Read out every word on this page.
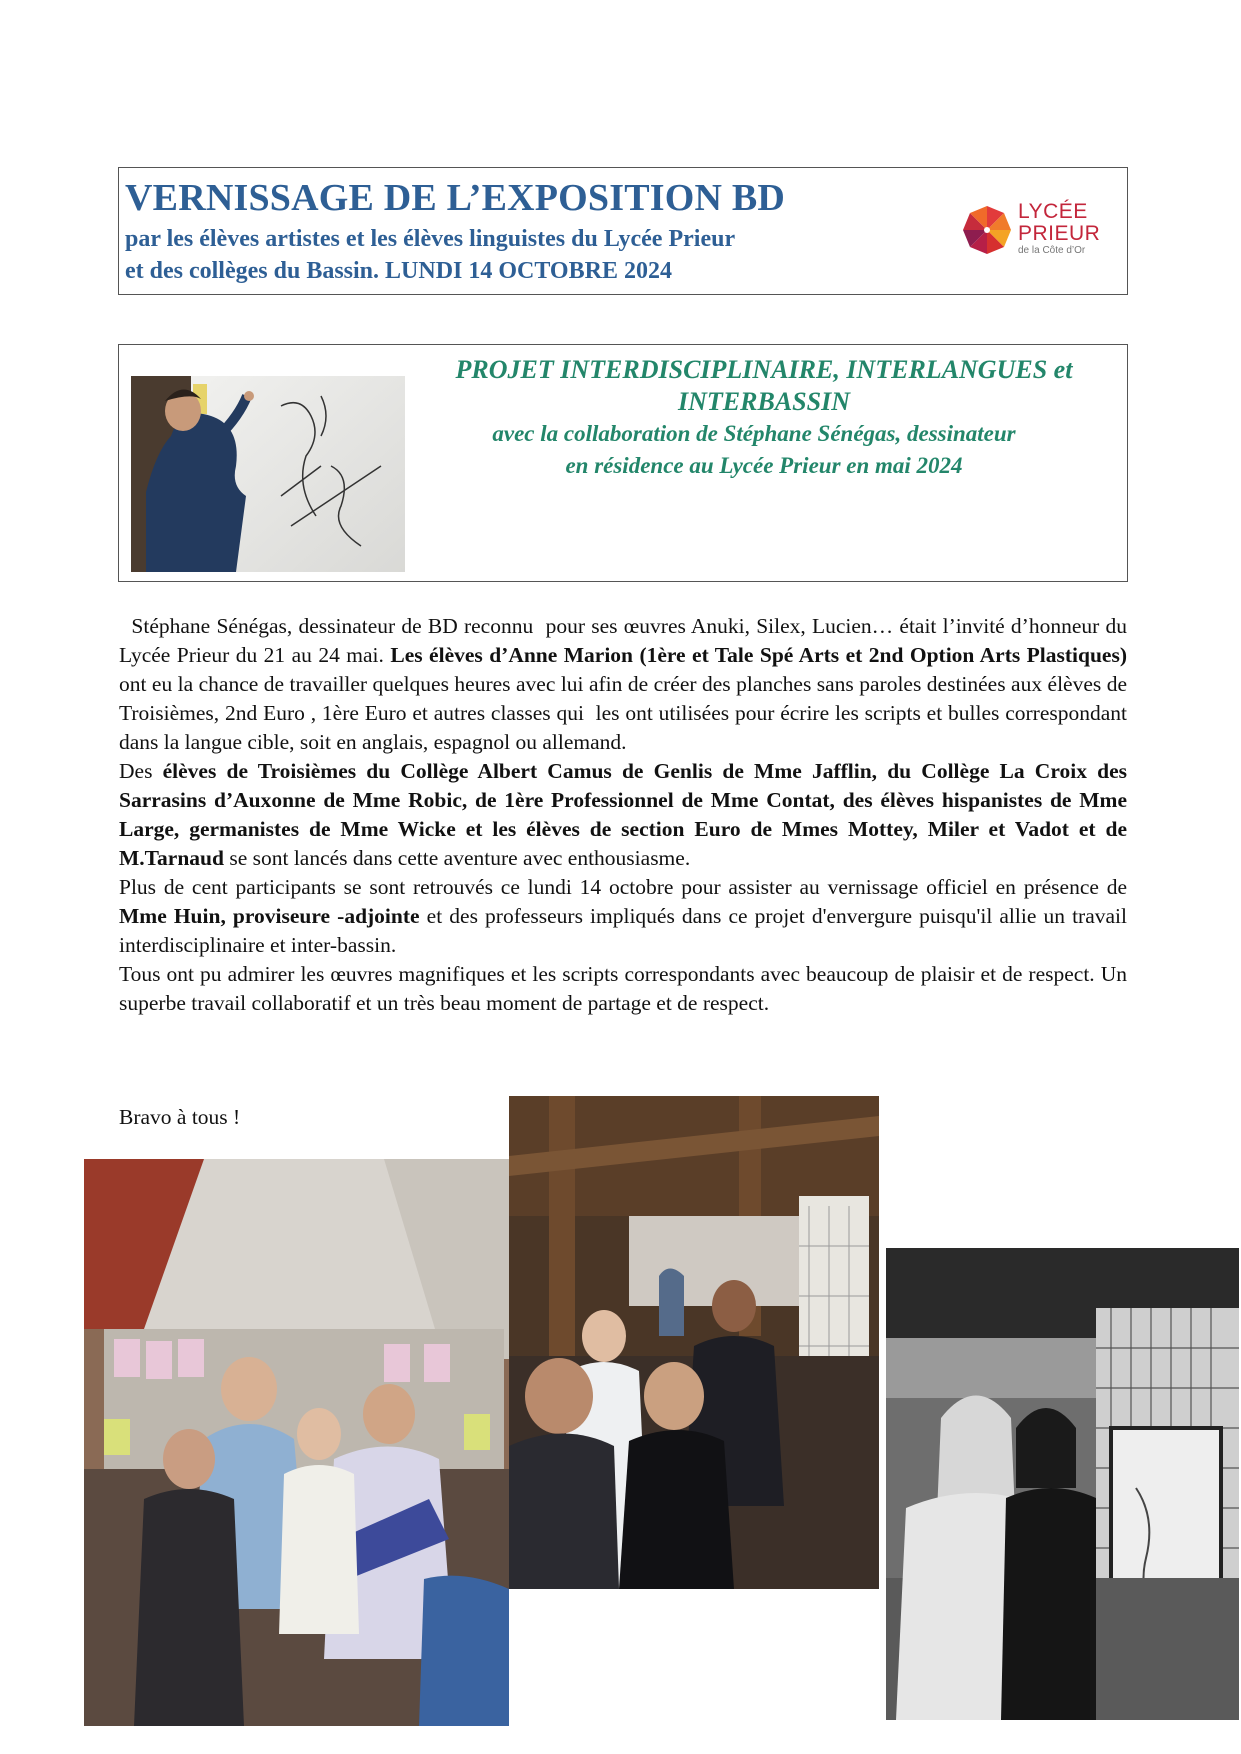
VERNISSAGE DE L’EXPOSITION BD
par les élèves artistes et les élèves linguistes du Lycée Prieur
et des collèges du Bassin. LUNDI 14 OCTOBRE 2024
LYCÉE
PRIEUR
de la Côte d’Or
PROJET INTERDISCIPLINAIRE, INTERLANGUES et
INTERBASSIN
avec la collaboration de Stéphane Sénégas, dessinateur
en résidence au Lycée Prieur en mai 2024

Stéphane Sénégas, dessinateur de BD reconnu  pour ses œuvres Anuki, Silex, Lucien… était l’invité d’honneur du Lycée Prieur du 21 au 24 mai. Les élèves d’Anne Marion (1ère et Tale Spé Arts et 2nd Option Arts Plastiques) ont eu la chance de travailler quelques heures avec lui afin de créer des planches sans paroles destinées aux élèves de Troisièmes, 2nd Euro , 1ère Euro et autres classes qui  les ont utilisées pour écrire les scripts et bulles correspondant dans la langue cible, soit en anglais, espagnol ou allemand.

Des élèves de Troisièmes du Collège Albert Camus de Genlis de Mme Jafflin, du Collège La Croix des Sarrasins d’Auxonne de Mme Robic, de 1ère Professionnel de Mme Contat, des élèves hispanistes de Mme Large, germanistes de Mme Wicke et les élèves de section Euro de Mmes Mottey, Miler et Vadot et de M.Tarnaud se sont lancés dans cette aventure avec enthousiasme.

Plus de cent participants se sont retrouvés ce lundi 14 octobre pour assister au vernissage officiel en présence de Mme Huin, proviseure -adjointe et des professeurs impliqués dans ce projet d'envergure puisqu'il allie un travail interdisciplinaire et inter-bassin.

Tous ont pu admirer les œuvres magnifiques et les scripts correspondants avec beaucoup de plaisir et de respect. Un superbe travail collaboratif et un très beau moment de partage et de respect.

Bravo à tous !
